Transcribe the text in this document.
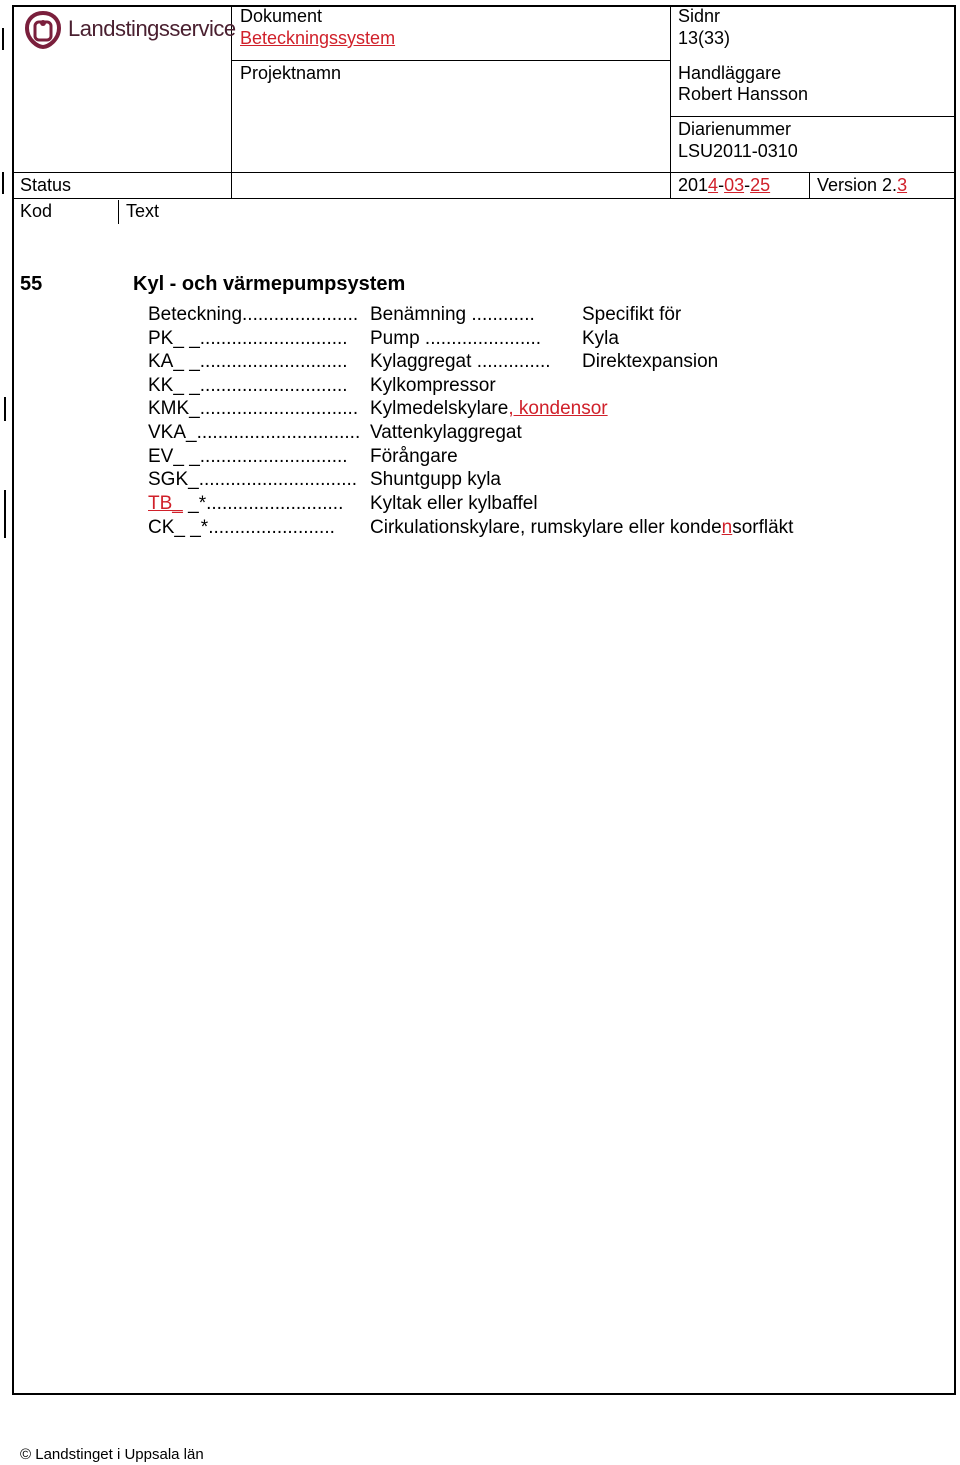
Landstingsservice Dokument
Beteckningssystem
Projektnamn
Sidnr
13(33)
Handläggare
Robert Hansson
Diarienummer
LSU2011-0310
Status	2014-03-25	Version 2.3
Kod	Text
55	Kyl - och värmepumpsystem
Beteckning...................... Benämning ............ Specifikt för
PK_ _............................ Pump ...................... Kyla
KA_ _............................ Kylaggregat .............. Direktexpansion
KK_ _............................ Kylkompressor
KMK_.............................. Kylmedelskylare, kondensor
VKA_............................... Vattenkylaggregat
EV_ _............................ Förångare
SGK_.............................. Shuntgupp kyla
TB_ _*.......................... Kyltak eller kylbaffel
CK_ _*........................ Cirkulationskylare, rumskylare eller kondensorfläkt
© Landstinget i Uppsala län
